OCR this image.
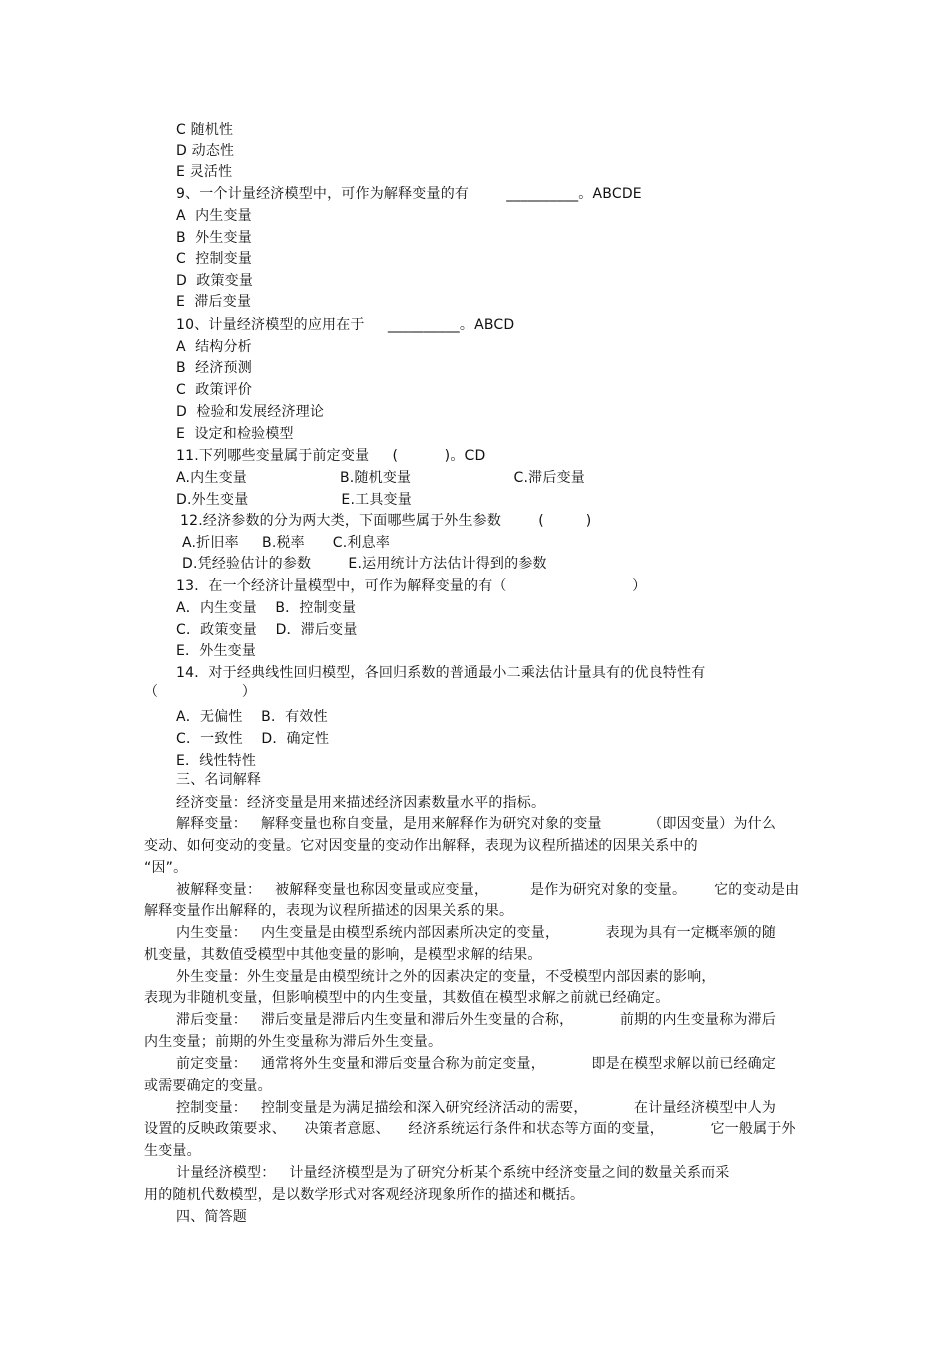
C 随机性
D 动态性
E 灵活性
9、一个计量经济模型中，可作为解释变量的有        __________。ABCDE
A  内生变量
B  外生变量
C  控制变量
D  政策变量
E  滞后变量
10、计量经济模型的应用在于     __________。ABCD
A  结构分析
B  经济预测
C  政策评价
D  检验和发展经济理论
E  设定和检验模型
11.下列哪些变量属于前定变量     (          )。CD
A.内生变量                    B.随机变量                      C.滞后变量
D.外生变量                    E.工具变量
12.经济参数的分为两大类，下面哪些属于外生参数        (         )
A.折旧率     B.税率      C.利息率
D.凭经验估计的参数        E.运用统计方法估计得到的参数
13．在一个经济计量模型中，可作为解释变量的有（                           ）
A．内生变量    B．控制变量
C．政策变量    D．滞后变量
E．外生变量
14．对于经典线性回归模型，各回归系数的普通最小二乘法估计量具有的优良特性有
（                  ）
A．无偏性    B．有效性
C．一致性    D．确定性
E．线性特性
三、名词解释
经济变量：经济变量是用来描述经济因素数量水平的指标。
解释变量：   解释变量也称自变量，是用来解释作为研究对象的变量          （即因变量）为什么
变动、如何变动的变量。它对因变量的变动作出解释，表现为议程所描述的因果关系中的
“因”。
被解释变量：   被解释变量也称因变量或应变量，         是作为研究对象的变量。      它的变动是由
解释变量作出解释的，表现为议程所描述的因果关系的果。
内生变量：   内生变量是由模型系统内部因素所决定的变量，          表现为具有一定概率颁的随
机变量，其数值受模型中其他变量的影响，是模型求解的结果。
外生变量：外生变量是由模型统计之外的因素决定的变量，不受模型内部因素的影响，
表现为非随机变量，但影响模型中的内生变量，其数值在模型求解之前就已经确定。
滞后变量：   滞后变量是滞后内生变量和滞后外生变量的合称，          前期的内生变量称为滞后
内生变量；前期的外生变量称为滞后外生变量。
前定变量：   通常将外生变量和滞后变量合称为前定变量，          即是在模型求解以前已经确定
或需要确定的变量。
控制变量：   控制变量是为满足描绘和深入研究经济活动的需要，          在计量经济模型中人为
设置的反映政策要求、    决策者意愿、    经济系统运行条件和状态等方面的变量，          它一般属于外
生变量。
计量经济模型：   计量经济模型是为了研究分析某个系统中经济变量之间的数量关系而采
用的随机代数模型，是以数学形式对客观经济现象所作的描述和概括。
四、简答题
